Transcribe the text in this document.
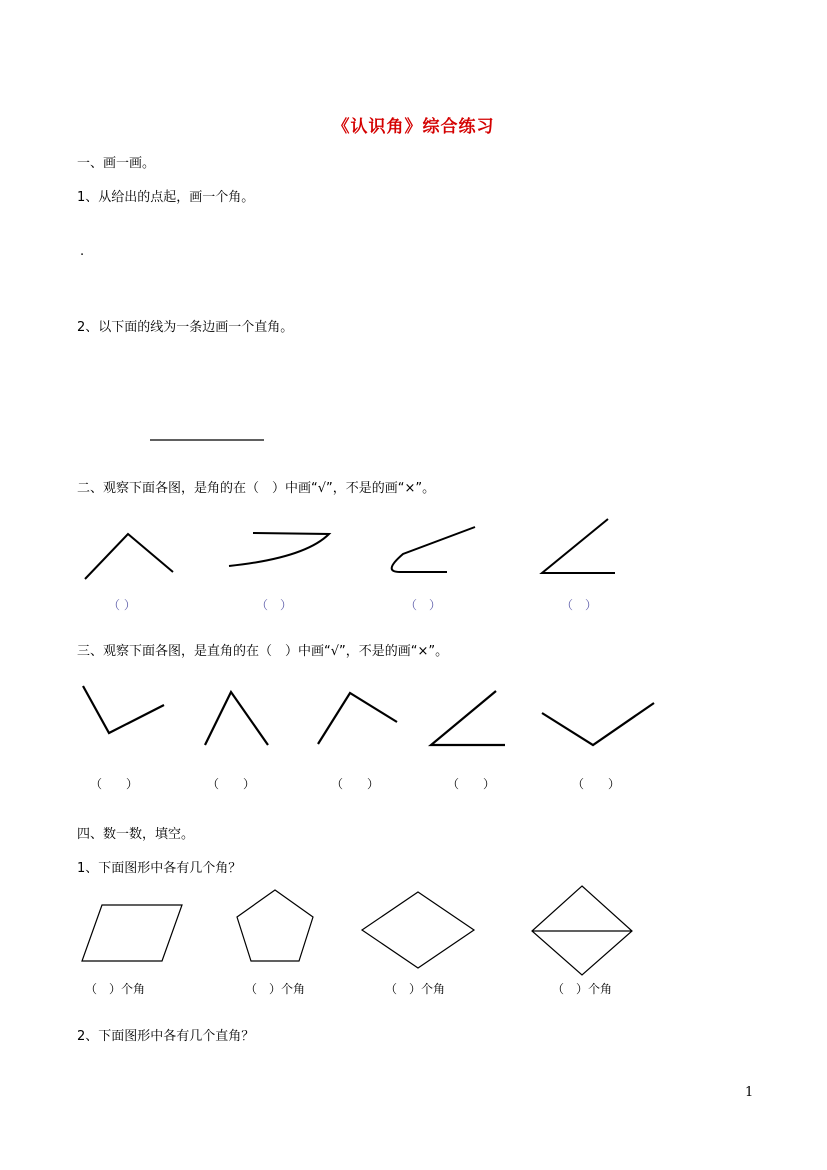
《认识角》综合练习
一、画一画。
1、从给出的点起，画一个角。
.
2、以下面的线为一条边画一个直角。
二、观察下面各图，是角的在（　）中画“√”，不是的画“×”。
（ ）	（　）	（　）	（　）
三、观察下面各图，是直角的在（　）中画“√”，不是的画“×”。
（　　）	（　　）	（　　）	（　　）	（　　）
四、数一数，填空。
1、下面图形中各有几个角？
（　）个角	（　）个角	（　）个角	（　）个角
2、下面图形中各有几个直角？
1
